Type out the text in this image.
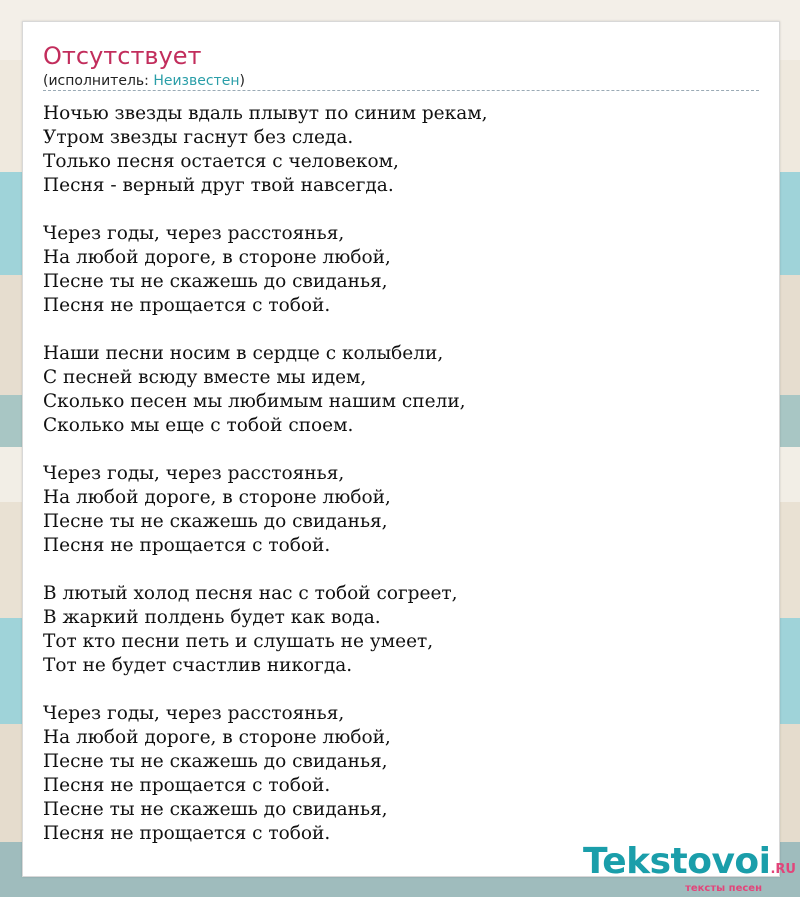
Отсутствует
(исполнитель: Неизвестен)
Ночью звезды вдаль плывут по синим рекам,
Утром звезды гаснут без следа.
Только песня остается с человеком,
Песня - верный друг твой навсегда.
Через годы, через расстоянья,
На любой дороге, в стороне любой,
Песне ты не скажешь до свиданья,
Песня не прощается с тобой.
Наши песни носим в сердце с колыбели,
С песней всюду вместе мы идем,
Сколько песен мы любимым нашим спели,
Сколько мы еще с тобой споем.
Через годы, через расстоянья,
На любой дороге, в стороне любой,
Песне ты не скажешь до свиданья,
Песня не прощается с тобой.
В лютый холод песня нас с тобой согреет,
В жаркий полдень будет как вода.
Тот кто песни петь и слушать не умеет,
Тот не будет счастлив никогда.
Через годы, через расстоянья,
На любой дороге, в стороне любой,
Песне ты не скажешь до свиданья,
Песня не прощается с тобой.
Песне ты не скажешь до свиданья,
Песня не прощается с тобой.
Tekstovoi.RU
тексты песен
